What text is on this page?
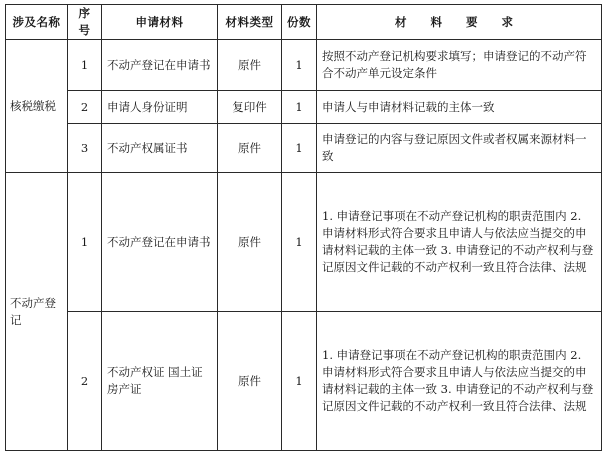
涉及名称	序号	申请材料	材料类型	份数	材 料 要 求
核税缴税	1	不动产登记在申请书	原件	1	按照不动产登记机构要求填写；申请登记的不动产符合不动产单元设定条件
	2	申请人身份证明	复印件	1	申请人与申请材料记载的主体一致
	3	不动产权属证书	原件	1	申请登记的内容与登记原因文件或者权属来源材料一致
不动产登记	1	不动产登记在申请书	原件	1	1. 申请登记事项在不动产登记机构的职责范围内 2. 申请材料形式符合要求且申请人与依法应当提交的申请材料记载的主体一致 3. 申请登记的不动产权利与登记原因文件记载的不动产权利一致且符合法律、法规
	2	不动产权证 国土证 房产证	原件	1	1. 申请登记事项在不动产登记机构的职责范围内 2. 申请材料形式符合要求且申请人与依法应当提交的申请材料记载的主体一致 3. 申请登记的不动产权利与登记原因文件记载的不动产权利一致且符合法律、法规
